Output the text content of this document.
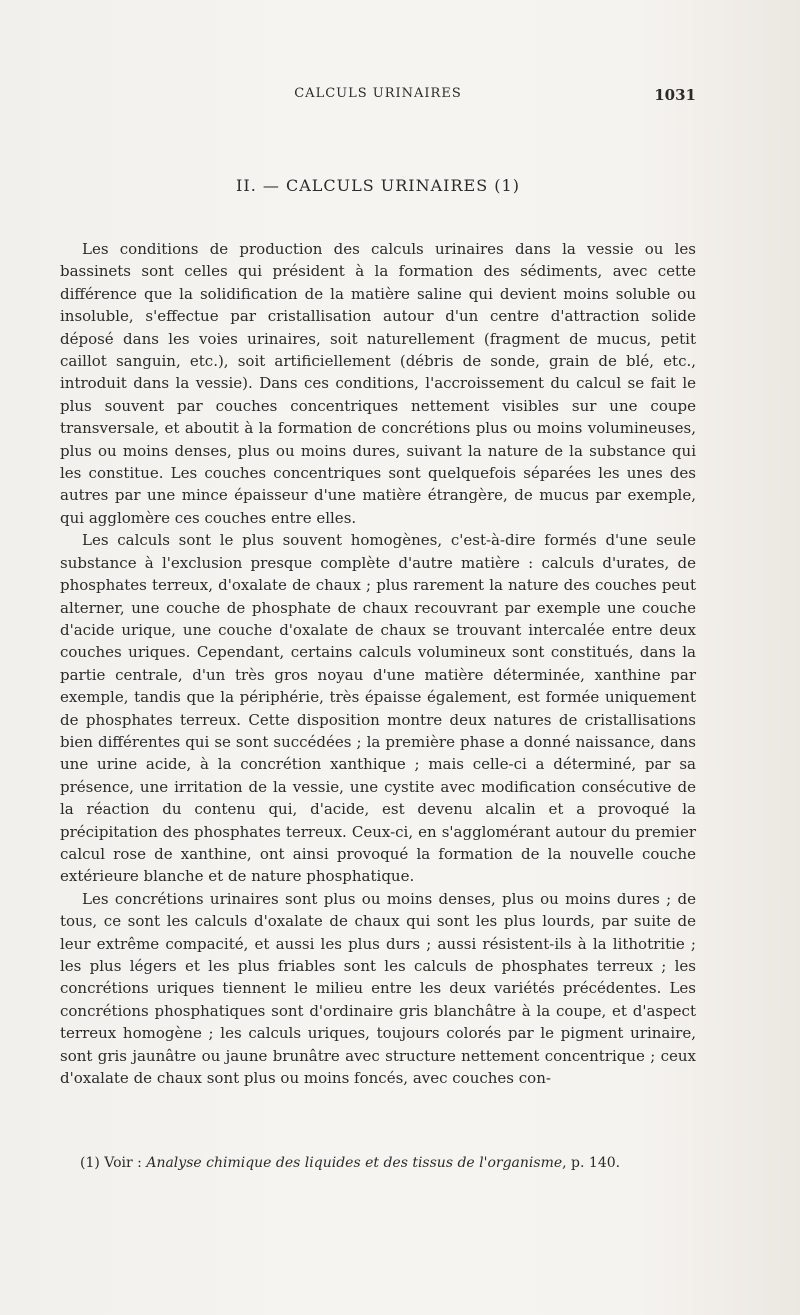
CALCULS URINAIRES	1031
II. — CALCULS URINAIRES (1)

Les conditions de production des calculs urinaires dans la vessie ou les bassinets sont celles qui président à la formation des sédiments, avec cette différence que la solidification de la matière saline qui devient moins soluble ou insoluble, s'effectue par cristallisation autour d'un centre d'attraction solide déposé dans les voies urinaires, soit naturellement (fragment de mucus, petit caillot sanguin, etc.), soit artificiellement (débris de sonde, grain de blé, etc., introduit dans la vessie). Dans ces conditions, l'accroissement du calcul se fait le plus souvent par couches concentriques nettement visibles sur une coupe transversale, et aboutit à la formation de concrétions plus ou moins volumineuses, plus ou moins denses, plus ou moins dures, suivant la nature de la substance qui les constitue. Les couches concentriques sont quelquefois séparées les unes des autres par une mince épaisseur d'une matière étrangère, de mucus par exemple, qui agglomère ces couches entre elles.

Les calculs sont le plus souvent homogènes, c'est-à-dire formés d'une seule substance à l'exclusion presque complète d'autre matière : calculs d'urates, de phosphates terreux, d'oxalate de chaux ; plus rarement la nature des couches peut alterner, une couche de phosphate de chaux recouvrant par exemple une couche d'acide urique, une couche d'oxalate de chaux se trouvant intercalée entre deux couches uriques. Cependant, certains calculs volumineux sont constitués, dans la partie centrale, d'un très gros noyau d'une matière déterminée, xanthine par exemple, tandis que la périphérie, très épaisse également, est formée uniquement de phosphates terreux. Cette disposition montre deux natures de cristallisations bien différentes qui se sont succédées ; la première phase a donné naissance, dans une urine acide, à la concrétion xanthique ; mais celle-ci a déterminé, par sa présence, une irritation de la vessie, une cystite avec modification consécutive de la réaction du contenu qui, d'acide, est devenu alcalin et a provoqué la précipitation des phosphates terreux. Ceux-ci, en s'agglomérant autour du premier calcul rose de xanthine, ont ainsi provoqué la formation de la nouvelle couche extérieure blanche et de nature phosphatique.

Les concrétions urinaires sont plus ou moins denses, plus ou moins dures ; de tous, ce sont les calculs d'oxalate de chaux qui sont les plus lourds, par suite de leur extrême compacité, et aussi les plus durs ; aussi résistent-ils à la lithotritie ; les plus légers et les plus friables sont les calculs de phosphates terreux ; les concrétions uriques tiennent le milieu entre les deux variétés précédentes. Les concrétions phosphatiques sont d'ordinaire gris blanchâtre à la coupe, et d'aspect terreux homogène ; les calculs uriques, toujours colorés par le pigment urinaire, sont gris jaunâtre ou jaune brunâtre avec structure nettement concentrique ; ceux d'oxalate de chaux sont plus ou moins foncés, avec couches con-

(1) Voir : Analyse chimique des liquides et des tissus de l'organisme, p. 140.
